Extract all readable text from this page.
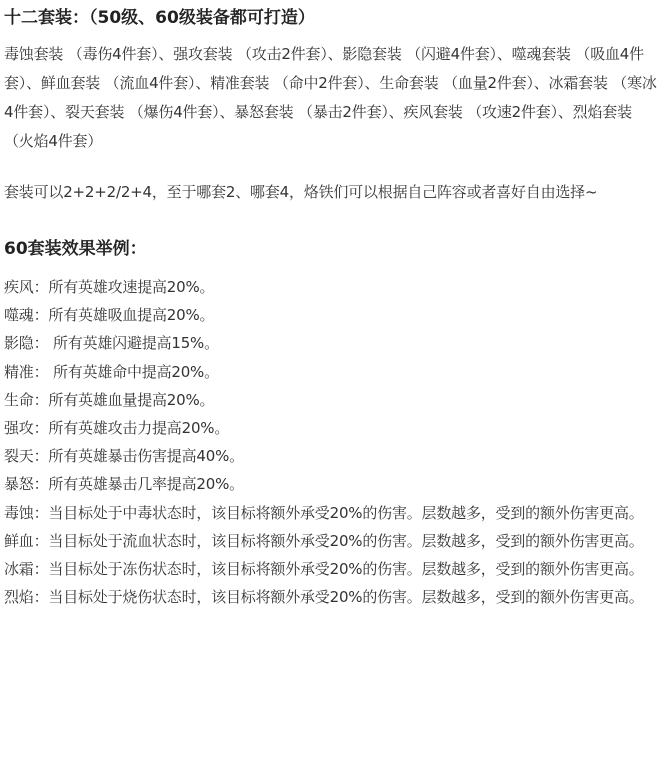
十二套装：（50级、60级装备都可打造）

毒蚀套装 （毒伤4件套）、强攻套装 （攻击2件套）、影隐套装 （闪避4件套）、噬魂套装 （吸血4件套）、鲜血套装 （流血4件套）、精准套装 （命中2件套）、生命套装 （血量2件套）、冰霜套装 （寒冰4件套）、裂天套装 （爆伤4件套）、暴怒套装 （暴击2件套）、疾风套装 （攻速2件套）、烈焰套装 （火焰4件套）

套装可以2+2+2/2+4，至于哪套2、哪套4，烙铁们可以根据自己阵容或者喜好自由选择~

60套装效果举例：

疾风：所有英雄攻速提高20%。

噬魂：所有英雄吸血提高20%。

影隐： 所有英雄闪避提高15%。

精准： 所有英雄命中提高20%。

生命：所有英雄血量提高20%。

强攻：所有英雄攻击力提高20%。

裂天：所有英雄暴击伤害提高40%。

暴怒：所有英雄暴击几率提高20%。

毒蚀：当目标处于中毒状态时，该目标将额外承受20%的伤害。层数越多，受到的额外伤害更高。

鲜血：当目标处于流血状态时，该目标将额外承受20%的伤害。层数越多，受到的额外伤害更高。

冰霜：当目标处于冻伤状态时，该目标将额外承受20%的伤害。层数越多，受到的额外伤害更高。

烈焰：当目标处于烧伤状态时，该目标将额外承受20%的伤害。层数越多，受到的额外伤害更高。
